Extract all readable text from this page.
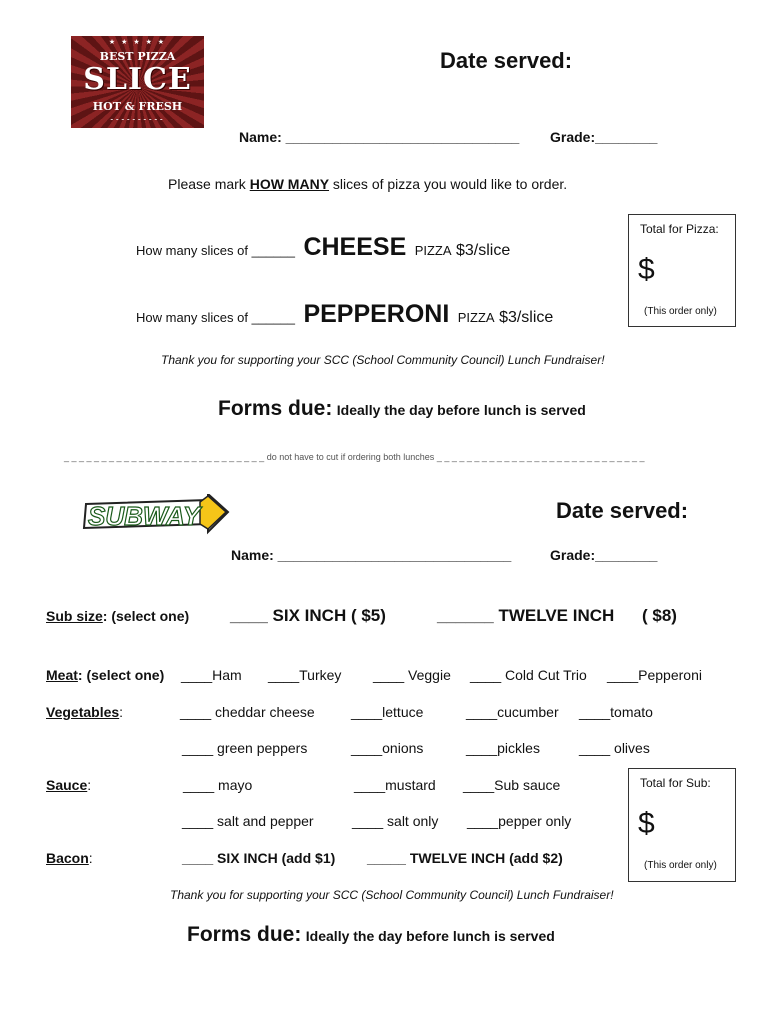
★ ★ ★ ★ ★
BEST PIZZA
SLICE
HOT & FRESH
⁃⁃⁃⁃⁃⁃⁃⁃⁃⁃
Date served:
Name: ______________________________ Grade:________
Please mark HOW MANY slices of pizza you would like to order.
How many slices of ______ CHEESE PIZZA $3/slice
How many slices of ______ PEPPERONI PIZZA $3/slice
Total for Pizza:
$
(This order only)
Thank you for supporting your SCC (School Community Council) Lunch Fundraiser!
Forms due: Ideally the day before lunch is served
_ _ _ _ _ _ _ _ _ _ _ _ _ _ _ _ _ _ _ _ _ _ _ _ _ _ _ do not have to cut if ordering both lunches _ _ _ _ _ _ _ _ _ _ _ _ _ _ _ _ _ _ _ _ _ _ _ _ _ _ _ _
SUBWAY	Date served:
Name: ______________________________	Grade:________
Sub size: (select one) ____ SIX INCH ( $5)	______ TWELVE INCH ( $8)
Meat: (select one) ____Ham ____Turkey ____ Veggie ____ Cold Cut Trio ____Pepperoni
Vegetables:	____ cheddar cheese	____lettuce	____cucumber ____tomato
____ green peppers	____onions	____pickles	____ olives
Sauce:	____ mayo	____mustard ____Sub sauce
____ salt and pepper	____ salt only ____pepper only
Bacon:	____ SIX INCH (add $1) _____ TWELVE INCH (add $2)
Total for Sub:
$
(This order only)
Thank you for supporting your SCC (School Community Council) Lunch Fundraiser!
Forms due: Ideally the day before lunch is served
